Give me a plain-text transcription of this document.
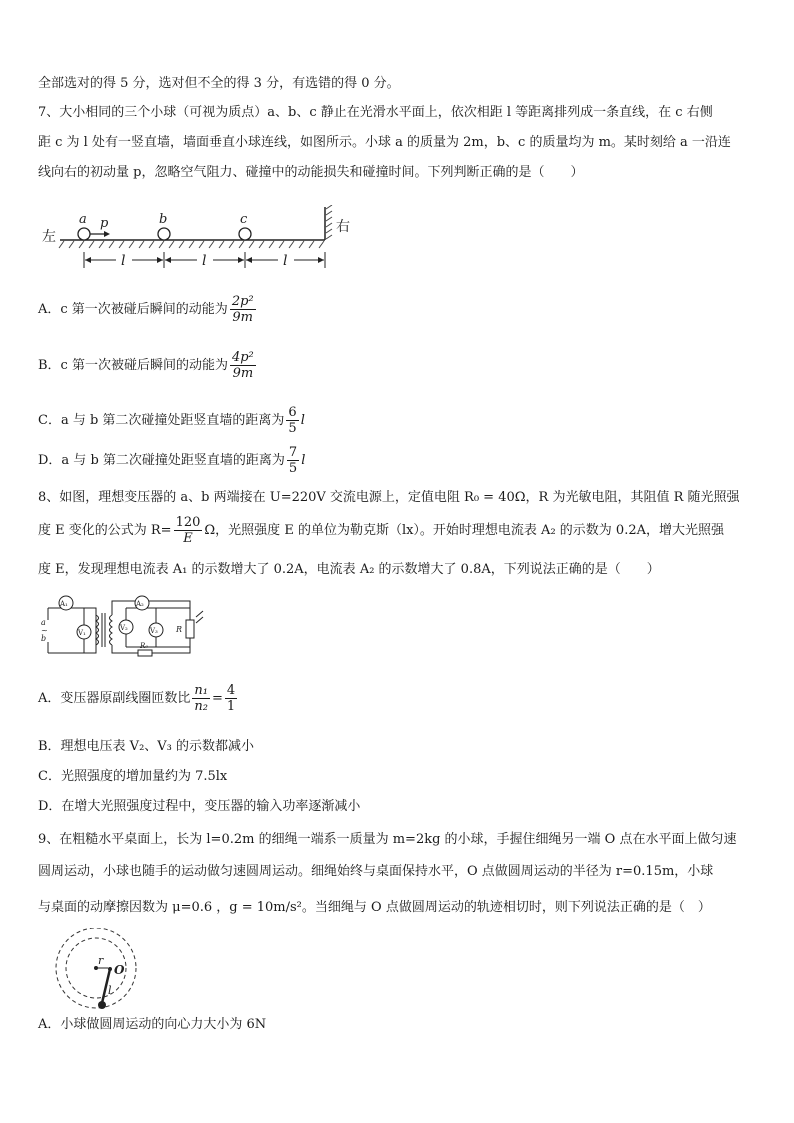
全部选对的得 5 分，选对但不全的得 3 分，有选错的得 0 分。
7、大小相同的三个小球（可视为质点）a、b、c 静止在光滑水平面上，依次相距 l 等距离排列成一条直线，在 c 右侧
距 c 为 l 处有一竖直墙，墙面垂直小球连线，如图所示。小球 a 的质量为 2m，b、c 的质量均为 m。某时刻给 a 一沿连
线向右的初动量 p，忽略空气阻力、碰撞中的动能损失和碰撞时间。下列判断正确的是（　　）
左
右
a	b	c
p
l	l	l
A．c 第一次被碰后瞬间的动能为 $\frac{\text{2p²}}{9m}$
B．c 第一次被碰后瞬间的动能为 $\frac{\text{4p²}}{9m}$
C．a 与 b 第二次碰撞处距竖直墙的距离为 $\frac{6}{5}$ l
D．a 与 b 第二次碰撞处距竖直墙的距离为 $\frac{7}{5}$ l
8、如图，理想变压器的 a、b 两端接在 U=220V 交流电源上，定值电阻 R₀ = 40Ω，R 为光敏电阻，其阻值 R 随光照强
度 E 变化的公式为 $R= \frac{120}{E}$ Ω，光照强度 E 的单位为勒克斯（lx）。开始时理想电流表 A₂ 的示数为 0.2A，增大光照强
度 E，发现理想电流表 A₁ 的示数增大了 0.2A，电流表 A₂ 的示数增大了 0.8A，下列说法正确的是（　　）
A₁
V₁
A₂
V₂	V₃
R₀
R
a
b
~
A．变压器原副线圈匝数比 $\frac{\text{n₁}}{\text{n₂}} = \frac{4}{1}$
B．理想电压表 V₂、V₃ 的示数都减小
C．光照强度的增加量约为 7.5lx
D．在增大光照强度过程中，变压器的输入功率逐渐减小
9、在粗糙水平桌面上，长为 l=0.2m 的细绳一端系一质量为 m=2kg 的小球，手握住细绳另一端 O 点在水平面上做匀速
圆周运动，小球也随手的运动做匀速圆周运动。细绳始终与桌面保持水平，O 点做圆周运动的半径为 r=0.15m，小球
与桌面的动摩擦因数为 μ=0.6 ，g = 10m/s²。当细绳与 O 点做圆周运动的轨迹相切时，则下列说法正确的是（　）
r
O
l
A．小球做圆周运动的向心力大小为 6N
